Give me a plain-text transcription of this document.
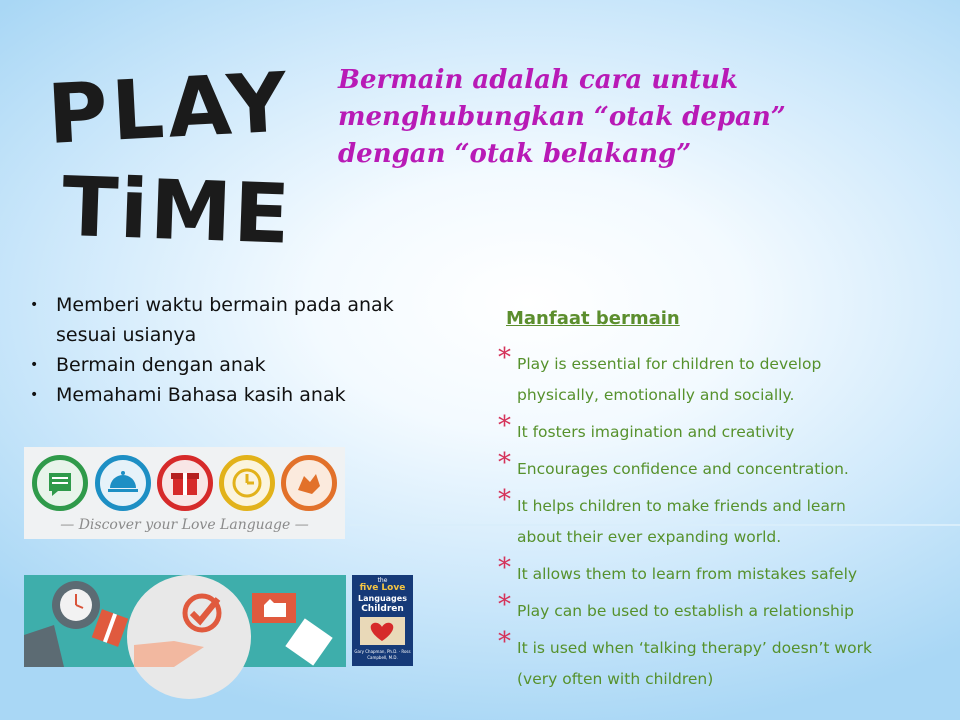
PLAY
TiME

Bermain adalah cara untuk
menghubungkan “otak depan”
dengan “otak belakang”

• Memberi waktu bermain pada anak
sesuai usianya
• Bermain dengan anak
• Memahami Bahasa kasih anak
Manfaat bermain
* Play is essential for children to develop
physically, emotionally and socially.
* It fosters imagination and creativity
* Encourages confidence and concentration.
* It helps children to make friends and learn
about their ever expanding world.
* It allows them to learn from mistakes safely
* Play can be used to establish a relationship
* It is used when ‘talking therapy’ doesn’t work
(very often with children)
— Discover your Love Language —
the
five Love
Languages
Children
Gary Chapman, Ph.D. · Ross Campbell, M.D.
